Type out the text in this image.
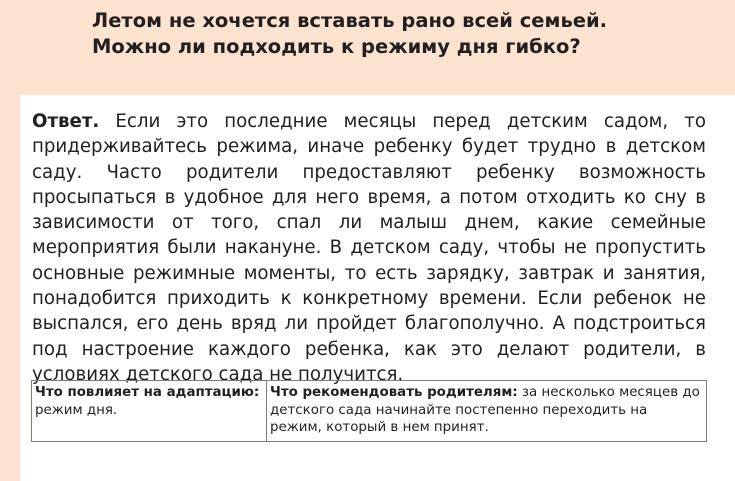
Летом не хочется вставать рано всей семьей.
Можно ли подходить к режиму дня гибко?

Ответ. Если это последние месяцы перед детским садом, то придерживайтесь режима, иначе ребенку будет трудно в детском саду. Часто родители предоставляют ребенку возможность просыпаться в удобное для него время, а потом отходить ко сну в зависимости от того, спал ли малыш днем, какие семейные мероприятия были накануне. В детском саду, чтобы не пропустить основные режимные моменты, то есть зарядку, завтрак и занятия, понадобится приходить к конкретному времени. Если ребенок не выспался, его день вряд ли пройдет благополучно. А подстроиться под настроение каждого ребенка, как это делают родители, в условиях детского сада не получится.

Что повлияет на адаптацию:
режим дня.
Что рекомендовать родителям: за несколько месяцев до детского сада начинайте постепенно переходить на режим, который в нем принят.
